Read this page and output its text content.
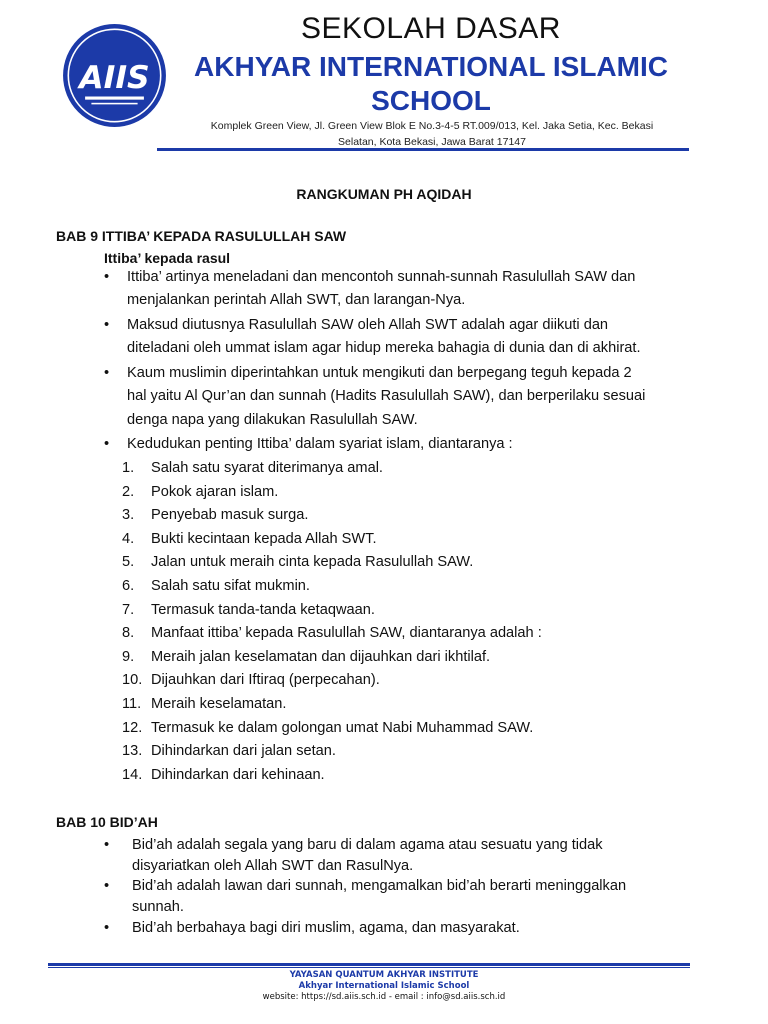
AIIS
SEKOLAH DASAR
AKHYAR INTERNATIONAL ISLAMIC
SCHOOL
Komplek Green View, Jl. Green View Blok E No.3-4-5 RT.009/013, Kel. Jaka Setia, Kec. Bekasi
Selatan, Kota Bekasi, Jawa Barat 17147
RANGKUMAN PH AQIDAH
BAB 9 ITTIBA’ KEPADA RASULULLAH SAW
Ittiba’ kepada rasul
• Ittiba’ artinya meneladani dan mencontoh sunnah-sunnah Rasulullah SAW dan
menjalankan perintah Allah SWT, dan larangan-Nya.
• Maksud diutusnya Rasulullah SAW oleh Allah SWT adalah agar diikuti dan
diteladani oleh ummat islam agar hidup mereka bahagia di dunia dan di akhirat.
• Kaum muslimin diperintahkan untuk mengikuti dan berpegang teguh kepada 2
hal yaitu Al Qur’an dan sunnah (Hadits Rasulullah SAW), dan berperilaku sesuai
denga napa yang dilakukan Rasulullah SAW.
• Kedudukan penting Ittiba’ dalam syariat islam, diantaranya :
1. Salah satu syarat diterimanya amal.
2. Pokok ajaran islam.
3. Penyebab masuk surga.
4. Bukti kecintaan kepada Allah SWT.
5. Jalan untuk meraih cinta kepada Rasulullah SAW.
6. Salah satu sifat mukmin.
7. Termasuk tanda-tanda ketaqwaan.
8. Manfaat ittiba’ kepada Rasulullah SAW, diantaranya adalah :
9. Meraih jalan keselamatan dan dijauhkan dari ikhtilaf.
10. Dijauhkan dari Iftiraq (perpecahan).
11. Meraih keselamatan.
12. Termasuk ke dalam golongan umat Nabi Muhammad SAW.
13. Dihindarkan dari jalan setan.
14. Dihindarkan dari kehinaan.
BAB 10 BID’AH
• Bid’ah adalah segala yang baru di dalam agama atau sesuatu yang tidak
disyariatkan oleh Allah SWT dan RasulNya.
• Bid’ah adalah lawan dari sunnah, mengamalkan bid’ah berarti meninggalkan
sunnah.
• Bid’ah berbahaya bagi diri muslim, agama, dan masyarakat.
YAYASAN QUANTUM AKHYAR INSTITUTE
Akhyar International Islamic School
website: https://sd.aiis.sch.id - email : info@sd.aiis.sch.id
